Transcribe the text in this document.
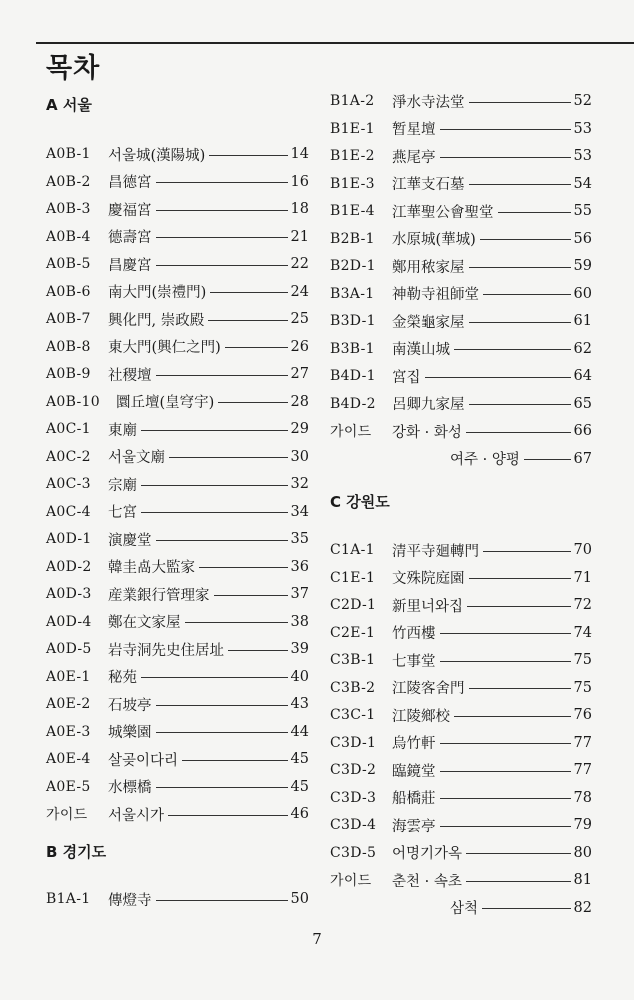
목차
A 서울
A0B-1	서울城(漢陽城)	14
A0B-2	昌德宮	16
A0B-3	慶福宮	18
A0B-4	德壽宮	21
A0B-5	昌慶宮	22
A0B-6	南大門(崇禮門)	24
A0B-7	興化門, 崇政殿	25
A0B-8	東大門(興仁之門)	26
A0B-9	社稷壇	27
A0B-10	圜丘壇(皇穹宇)	28
A0C-1	東廟	29
A0C-2	서울文廟	30
A0C-3	宗廟	32
A0C-4	七宮	34
A0D-1	演慶堂	35
A0D-2	韓圭卨大監家	36
A0D-3	産業銀行管理家	37
A0D-4	鄭在文家屋	38
A0D-5	岩寺洞先史住居址	39
A0E-1	秘苑	40
A0E-2	石坡亭	43
A0E-3	城樂園	44
A0E-4	살곶이다리	45
A0E-5	水標橋	45
가이드	서울시가	46
B 경기도
B1A-1	傳燈寺	50
B1A-2	淨水寺法堂	52
B1E-1	暂星壇	53
B1E-2	燕尾亭	53
B1E-3	江華支石墓	54
B1E-4	江華聖公會聖堂	55
B2B-1	水原城(華城)	56
B2D-1	鄭用秾家屋	59
B3A-1	神勒寺祖師堂	60
B3D-1	金榮龜家屋	61
B3B-1	南漢山城	62
B4D-1	宮집	64
B4D-2	呂卿九家屋	65
가이드	강화 · 화성	66
여주 · 양평	67
C 강원도
C1A-1	清平寺廻轉門	70
C1E-1	文殊院庭園	71
C2D-1	新里너와집	72
C2E-1	竹西樓	74
C3B-1	七事堂	75
C3B-2	江陵客舍門	75
C3C-1	江陵鄉校	76
C3D-1	烏竹軒	77
C3D-2	臨鏡堂	77
C3D-3	船橋莊	78
C3D-4	海雲亭	79
C3D-5	어명기가옥	80
가이드	춘천 · 속초	81
삼척	82
7
